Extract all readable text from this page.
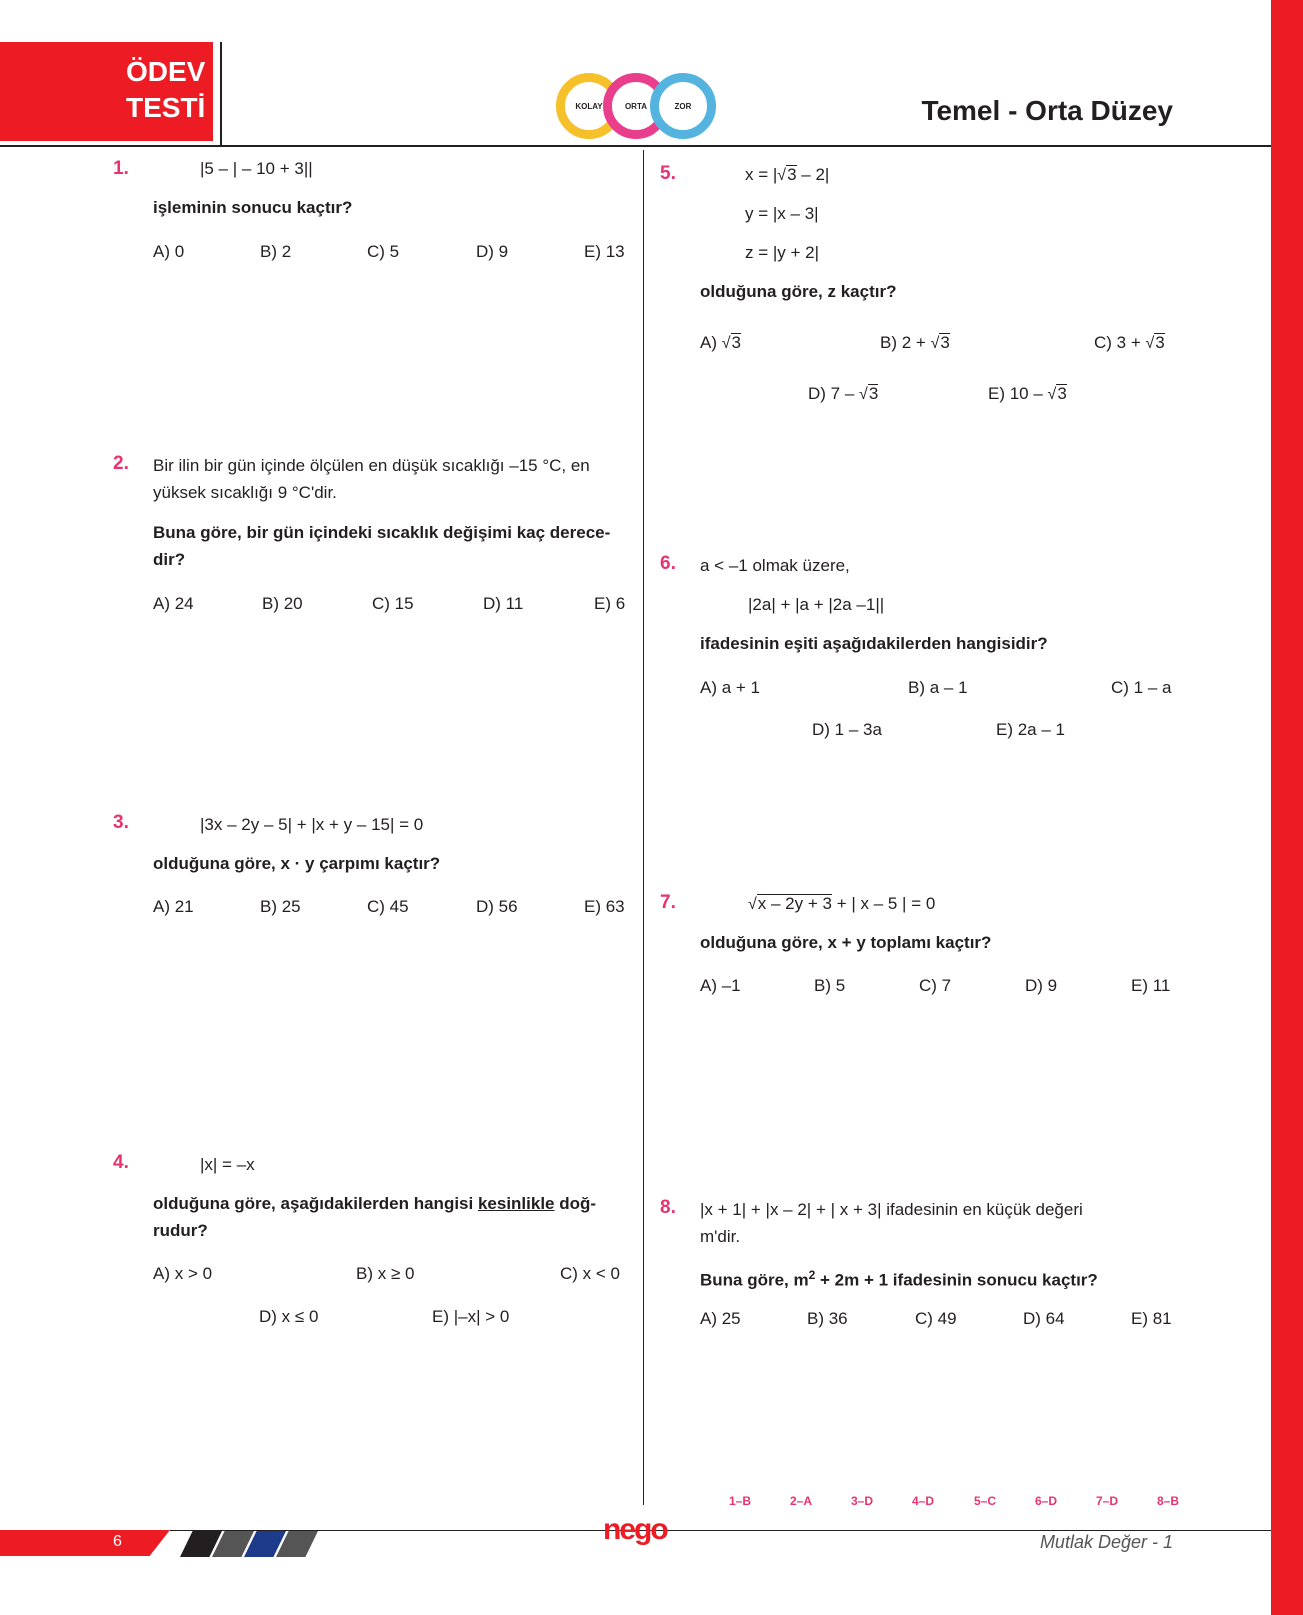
ÖDEV
TESTİ	KOLAY	ORTA	ZOR	Temel - Orta Düzey
1.	|5 – | – 10 + 3||
işleminin sonucu kaçtır?
A) 0	B) 2	C) 5	D) 9	E) 13
2. Bir ilin bir gün içinde ölçülen en düşük sıcaklığı –15 °C, en
yüksek sıcaklığı 9 °C'dir.
Buna göre, bir gün içindeki sıcaklık değişimi kaç derece-
dir?
A) 24	B) 20	C) 15	D) 11	E) 6
3.	|3x – 2y – 5| + |x + y – 15| = 0
olduğuna göre, x · y çarpımı kaçtır?
A) 21	B) 25	C) 45	D) 56	E) 63
4.	|x| = –x
olduğuna göre, aşağıdakilerden hangisi kesinlikle doğ-
rudur?
A) x > 0	B) x ≥ 0	C) x < 0
D) x ≤ 0	E) |–x| > 0
5.	x = |√3 – 2|
y = |x – 3|
z = |y + 2|
olduğuna göre, z kaçtır?
A) √3	B) 2 + √3	C) 3 + √3
D) 7 – √3	E) 10 – √3
6. a < –1 olmak üzere,
|2a| + |a + |2a –1||
ifadesinin eşiti aşağıdakilerden hangisidir?
A) a + 1	B) a – 1	C) 1 – a
D) 1 – 3a	E) 2a – 1
7.	√x – 2y + 3 + | x – 5 | = 0
olduğuna göre, x + y toplamı kaçtır?
A) –1	B) 5	C) 7	D) 9	E) 11
8. |x + 1| + |x – 2| + | x + 3| ifadesinin en küçük değeri
m'dir.
Buna göre, $m^2 + 2m + 1$ ifadesinin sonucu kaçtır?
A) 25	B) 36	C) 49	D) 64	E) 81
1–B	2–A	3–D	4–D	5–C	6–D	7–D	8–B
6	nego	Mutlak Değer - 1
